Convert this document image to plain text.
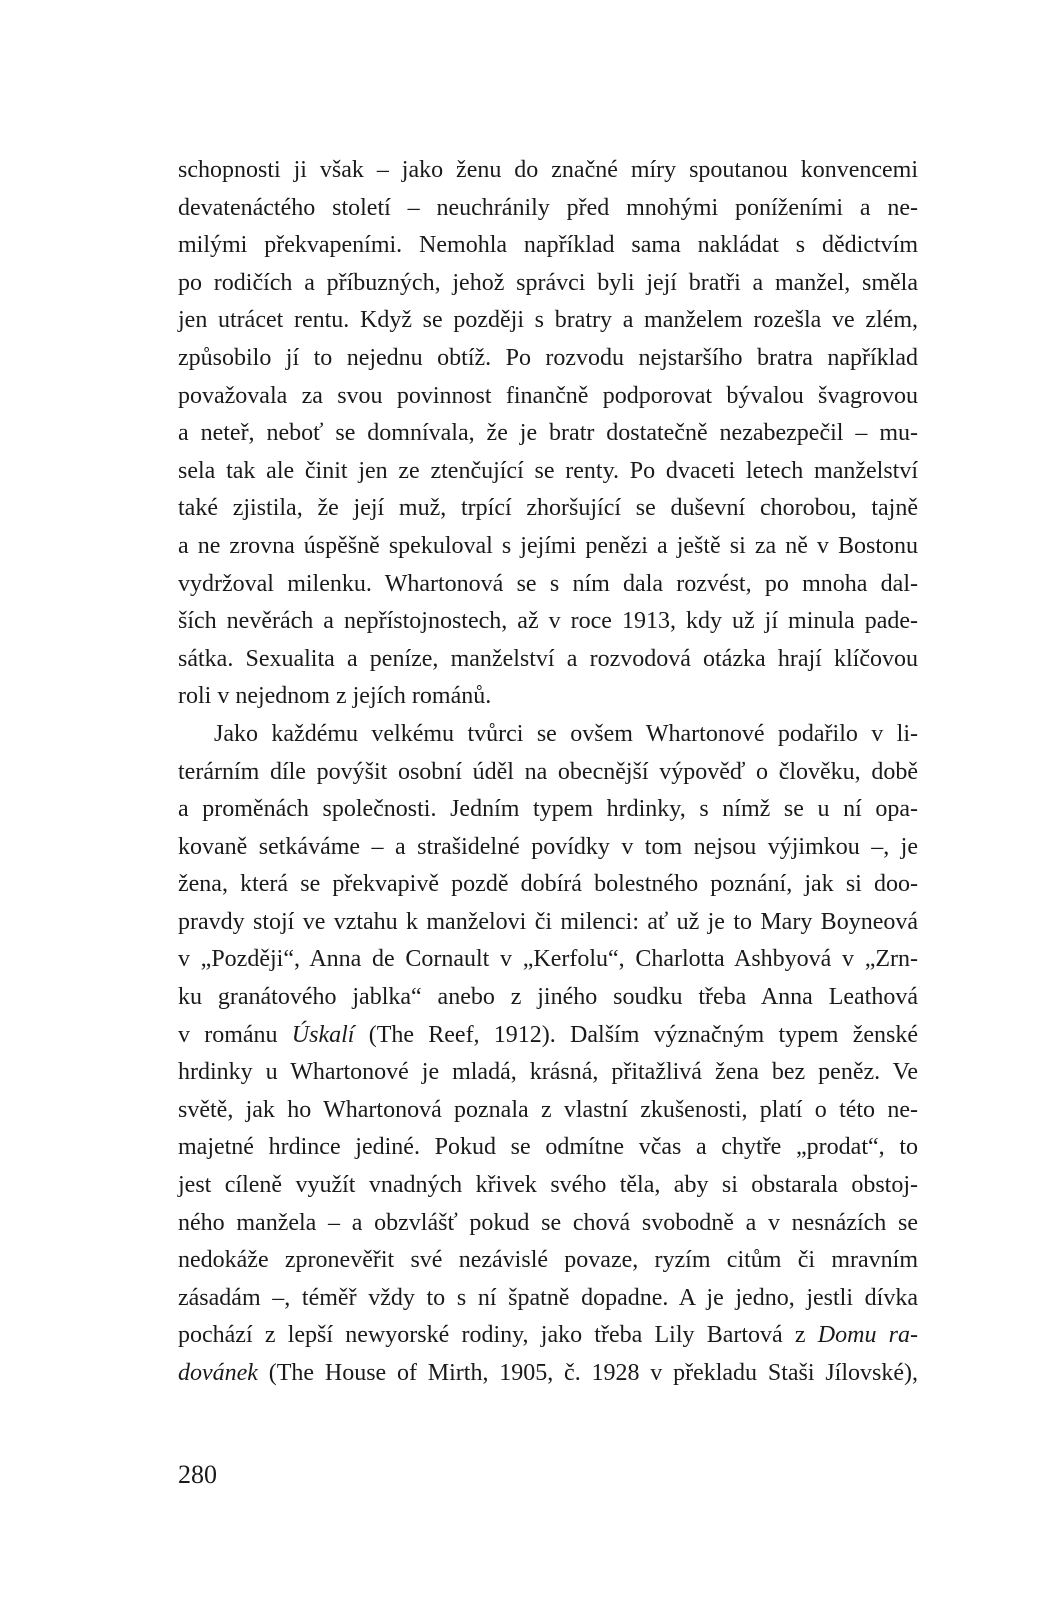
schopnosti ji však – jako ženu do značné míry spoutanou konvencemi
devatenáctého století – neuchránily před mnohými poníženími a ne-
milými překvapeními. Nemohla například sama nakládat s dědictvím
po rodičích a příbuzných, jehož správci byli její bratři a manžel, směla
jen utrácet rentu. Když se později s bratry a manželem rozešla ve zlém,
způsobilo jí to nejednu obtíž. Po rozvodu nejstaršího bratra například
považovala za svou povinnost finančně podporovat bývalou švagrovou
a neteř, neboť se domnívala, že je bratr dostatečně nezabezpečil – mu-
sela tak ale činit jen ze ztenčující se renty. Po dvaceti letech manželství
také zjistila, že její muž, trpící zhoršující se duševní chorobou, tajně
a ne zrovna úspěšně spekuloval s jejími penězi a ještě si za ně v Bostonu
vydržoval milenku. Whartonová se s ním dala rozvést, po mnoha dal-
ších nevěrách a nepřístojnostech, až v roce 1913, kdy už jí minula pade-
sátka. Sexualita a peníze, manželství a rozvodová otázka hrají klíčovou
roli v nejednom z jejích románů.
Jako každému velkému tvůrci se ovšem Whartonové podařilo v li-
terárním díle povýšit osobní úděl na obecnější výpověď o člověku, době
a proměnách společnosti. Jedním typem hrdinky, s nímž se u ní opa-
kovaně setkáváme – a strašidelné povídky v tom nejsou výjimkou –, je
žena, která se překvapivě pozdě dobírá bolestného poznání, jak si doo-
pravdy stojí ve vztahu k manželovi či milenci: ať už je to Mary Boyneová
v „Později“, Anna de Cornault v „Kerfolu“, Charlotta Ashbyová v „Zrn-
ku granátového jablka“ anebo z jiného soudku třeba Anna Leathová
v románu Úskalí (The Reef, 1912). Dalším význačným typem ženské
hrdinky u Whartonové je mladá, krásná, přitažlivá žena bez peněz. Ve
světě, jak ho Whartonová poznala z vlastní zkušenosti, platí o této ne-
majetné hrdince jediné. Pokud se odmítne včas a chytře „prodat“, to
jest cíleně využít vnadných křivek svého těla, aby si obstarala obstoj-
ného manžela – a obzvlášť pokud se chová svobodně a v nesnázích se
nedokáže zpronevěřit své nezávislé povaze, ryzím citům či mravním
zásadám –, téměř vždy to s ní špatně dopadne. A je jedno, jestli dívka
pochází z lepší newyorské rodiny, jako třeba Lily Bartová z Domu ra-
dovánek (The House of Mirth, 1905, č. 1928 v překladu Staši Jílovské),
280
